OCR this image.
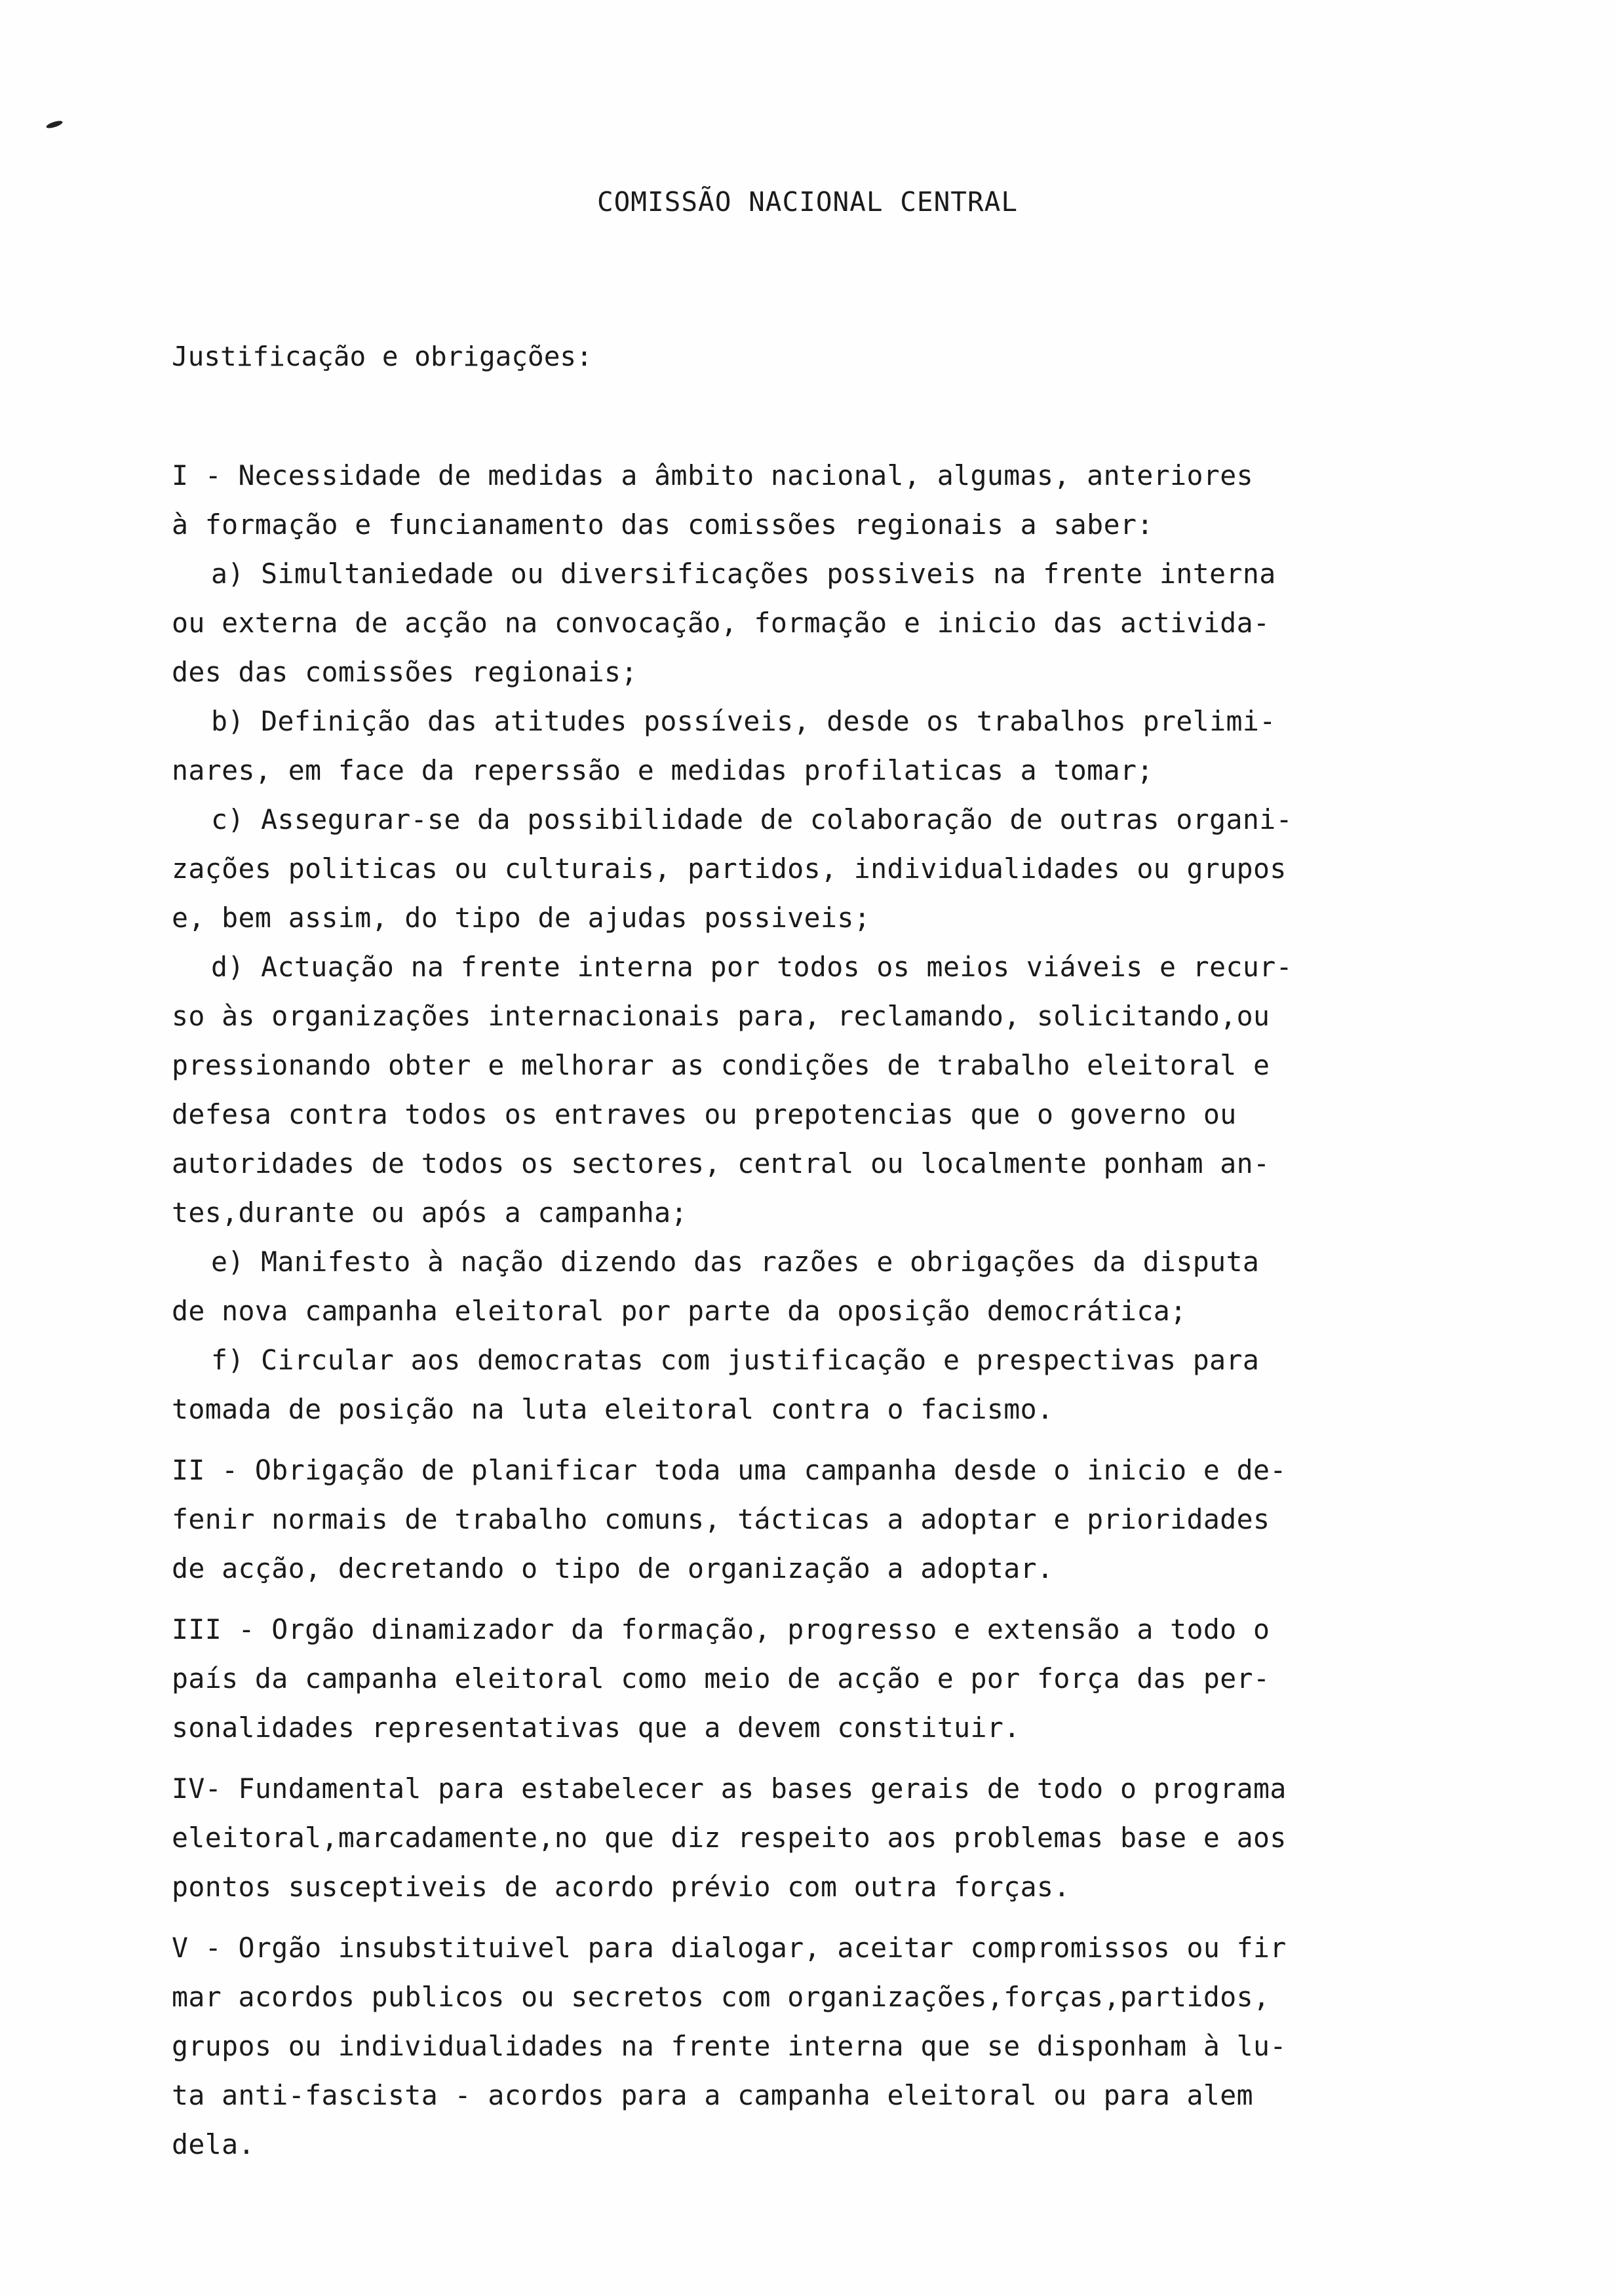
COMISSÃO NACIONAL CENTRAL
Justificação e obrigações:
I - Necessidade de medidas a âmbito nacional, algumas, anteriores
à formação e funcianamento das comissões regionais a saber:
a) Simultaniedade ou diversificações possiveis na frente interna
ou externa de acção na convocação, formação e inicio das activida-
des das comissões regionais;
b) Definição das atitudes possíveis, desde os trabalhos prelimi-
nares, em face da reperssão e medidas profilaticas a tomar;
c) Assegurar-se da possibilidade de colaboração de outras organi-
zações politicas ou culturais, partidos, individualidades ou grupos
e, bem assim, do tipo de ajudas possiveis;
d) Actuação na frente interna por todos os meios viáveis e recur-
so às organizações internacionais para, reclamando, solicitando,ou
pressionando obter e melhorar as condições de trabalho eleitoral e
defesa contra todos os entraves ou prepotencias que o governo ou
autoridades de todos os sectores, central ou localmente ponham an-
tes,durante ou após a campanha;
e) Manifesto à nação dizendo das razões e obrigações da disputa
de nova campanha eleitoral por parte da oposição democrática;
f) Circular aos democratas com justificação e prespectivas para
tomada de posição na luta eleitoral contra o facismo.
II - Obrigação de planificar toda uma campanha desde o inicio e de-
fenir normais de trabalho comuns, tácticas a adoptar e prioridades
de acção, decretando o tipo de organização a adoptar.
III - Orgão dinamizador da formação, progresso e extensão a todo o
país da campanha eleitoral como meio de acção e por força das per-
sonalidades representativas que a devem constituir.
IV- Fundamental para estabelecer as bases gerais de todo o programa
eleitoral,marcadamente,no que diz respeito aos problemas base e aos
pontos susceptiveis de acordo prévio com outra forças.
V - Orgão insubstituivel para dialogar, aceitar compromissos ou fir
mar acordos publicos ou secretos com organizações,forças,partidos,
grupos ou individualidades na frente interna que se disponham à lu-
ta anti-fascista - acordos para a campanha eleitoral ou para alem
dela.
